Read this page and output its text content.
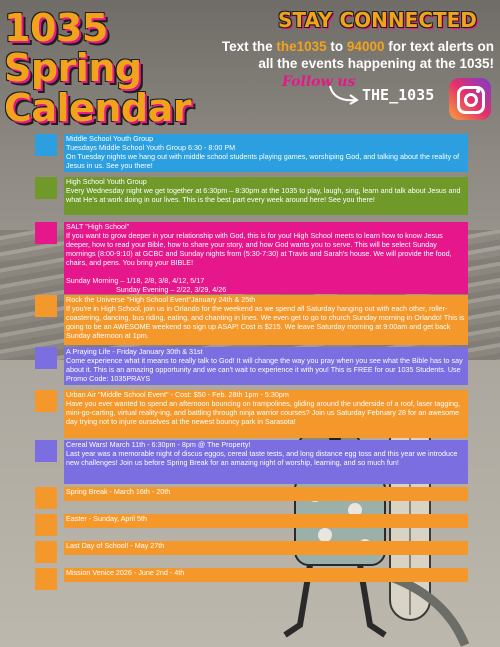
1035
Spring
Calendar
STAY CONNECTED
Text the the1035 to 94000 for text alerts on
all the events happening at the 1035!
Follow us
THE_1035

Middle School Youth Group

Tuesdays Middle School Youth Group 6:30 - 8:00 PM

On Tuesday nights we hang out with middle school students playing games, worshiping God, and talking about the reality of Jesus in us. See you there!

High School Youth Group

Every Wednesday night we get together at 6:30pm – 8:30pm at the 1035 to play, laugh, sing, learn and talk about Jesus and what He's at work doing in our lives. This is the best part every week around here! See you there!

SALT "High School"

If you want to grow deeper in your relationship with God, this is for you! High School meets to learn how to know Jesus deeper, how to read your Bible, how to share your story, and how God wants you to serve. This will be select Sunday mornings (8:00-9:10) at GCBC and Sunday nights from (5:30-7:30) at Travis and Sarah's house. We will provide the food, chairs, and pens. You bring your BIBLE!

Sunday Morning – 1/18, 2/8, 3/8, 4/12, 5/17

Sunday Evening – 2/22, 3/29, 4/26

Rock the Universe "High School Event"January 24th & 25th

If you're in High School, join us in Orlando for the weekend as we spend all Saturday hanging out with each other, roller-coastering, dancing, bus riding, eating, and chanting in lines. We even get to go to church Sunday morning in Orlando! This is going to be an AWESOME weekend so sign up ASAP! Cost is $215. We leave Saturday morning at 9:00am and get back Sunday afternoon at 1pm.

A Praying Life - Friday January 30th & 31st

Come experience what it means to really talk to God! It will change the way you pray when you see what the Bible has to say about it. This is an amazing opportunity and we can't wait to experience it with you! This is FREE for our 1035 Students. Use Promo Code: 1035PRAYS

Urban Air "Middle School Event" - Cost: $50 - Feb. 28th 1pm - 5:30pm

Have you ever wanted to spend an afternoon bouncing on trampolines, gliding around the underside of a roof, laser tagging, mini-go-carting, virtual reality-ing, and battling through ninja warrior courses? Join us Saturday February 28 for an awesome day trying not to injure ourselves at the newest bouncy park in Sarasota!

Cereal Wars! March 11th - 6:30pm - 8pm @ The Property!

Last year was a memorable night of discus eggos, cereal taste tests, and long distance egg toss and this year we introduce new challenges! Join us before Spring Break for an amazing night of worship, learning, and so much fun!

Spring Break - March 16th - 20th

Easter - Sunday, April 5th

Last Day of School! - May 27th

Mission Venice 2026 - June 2nd - 4th
